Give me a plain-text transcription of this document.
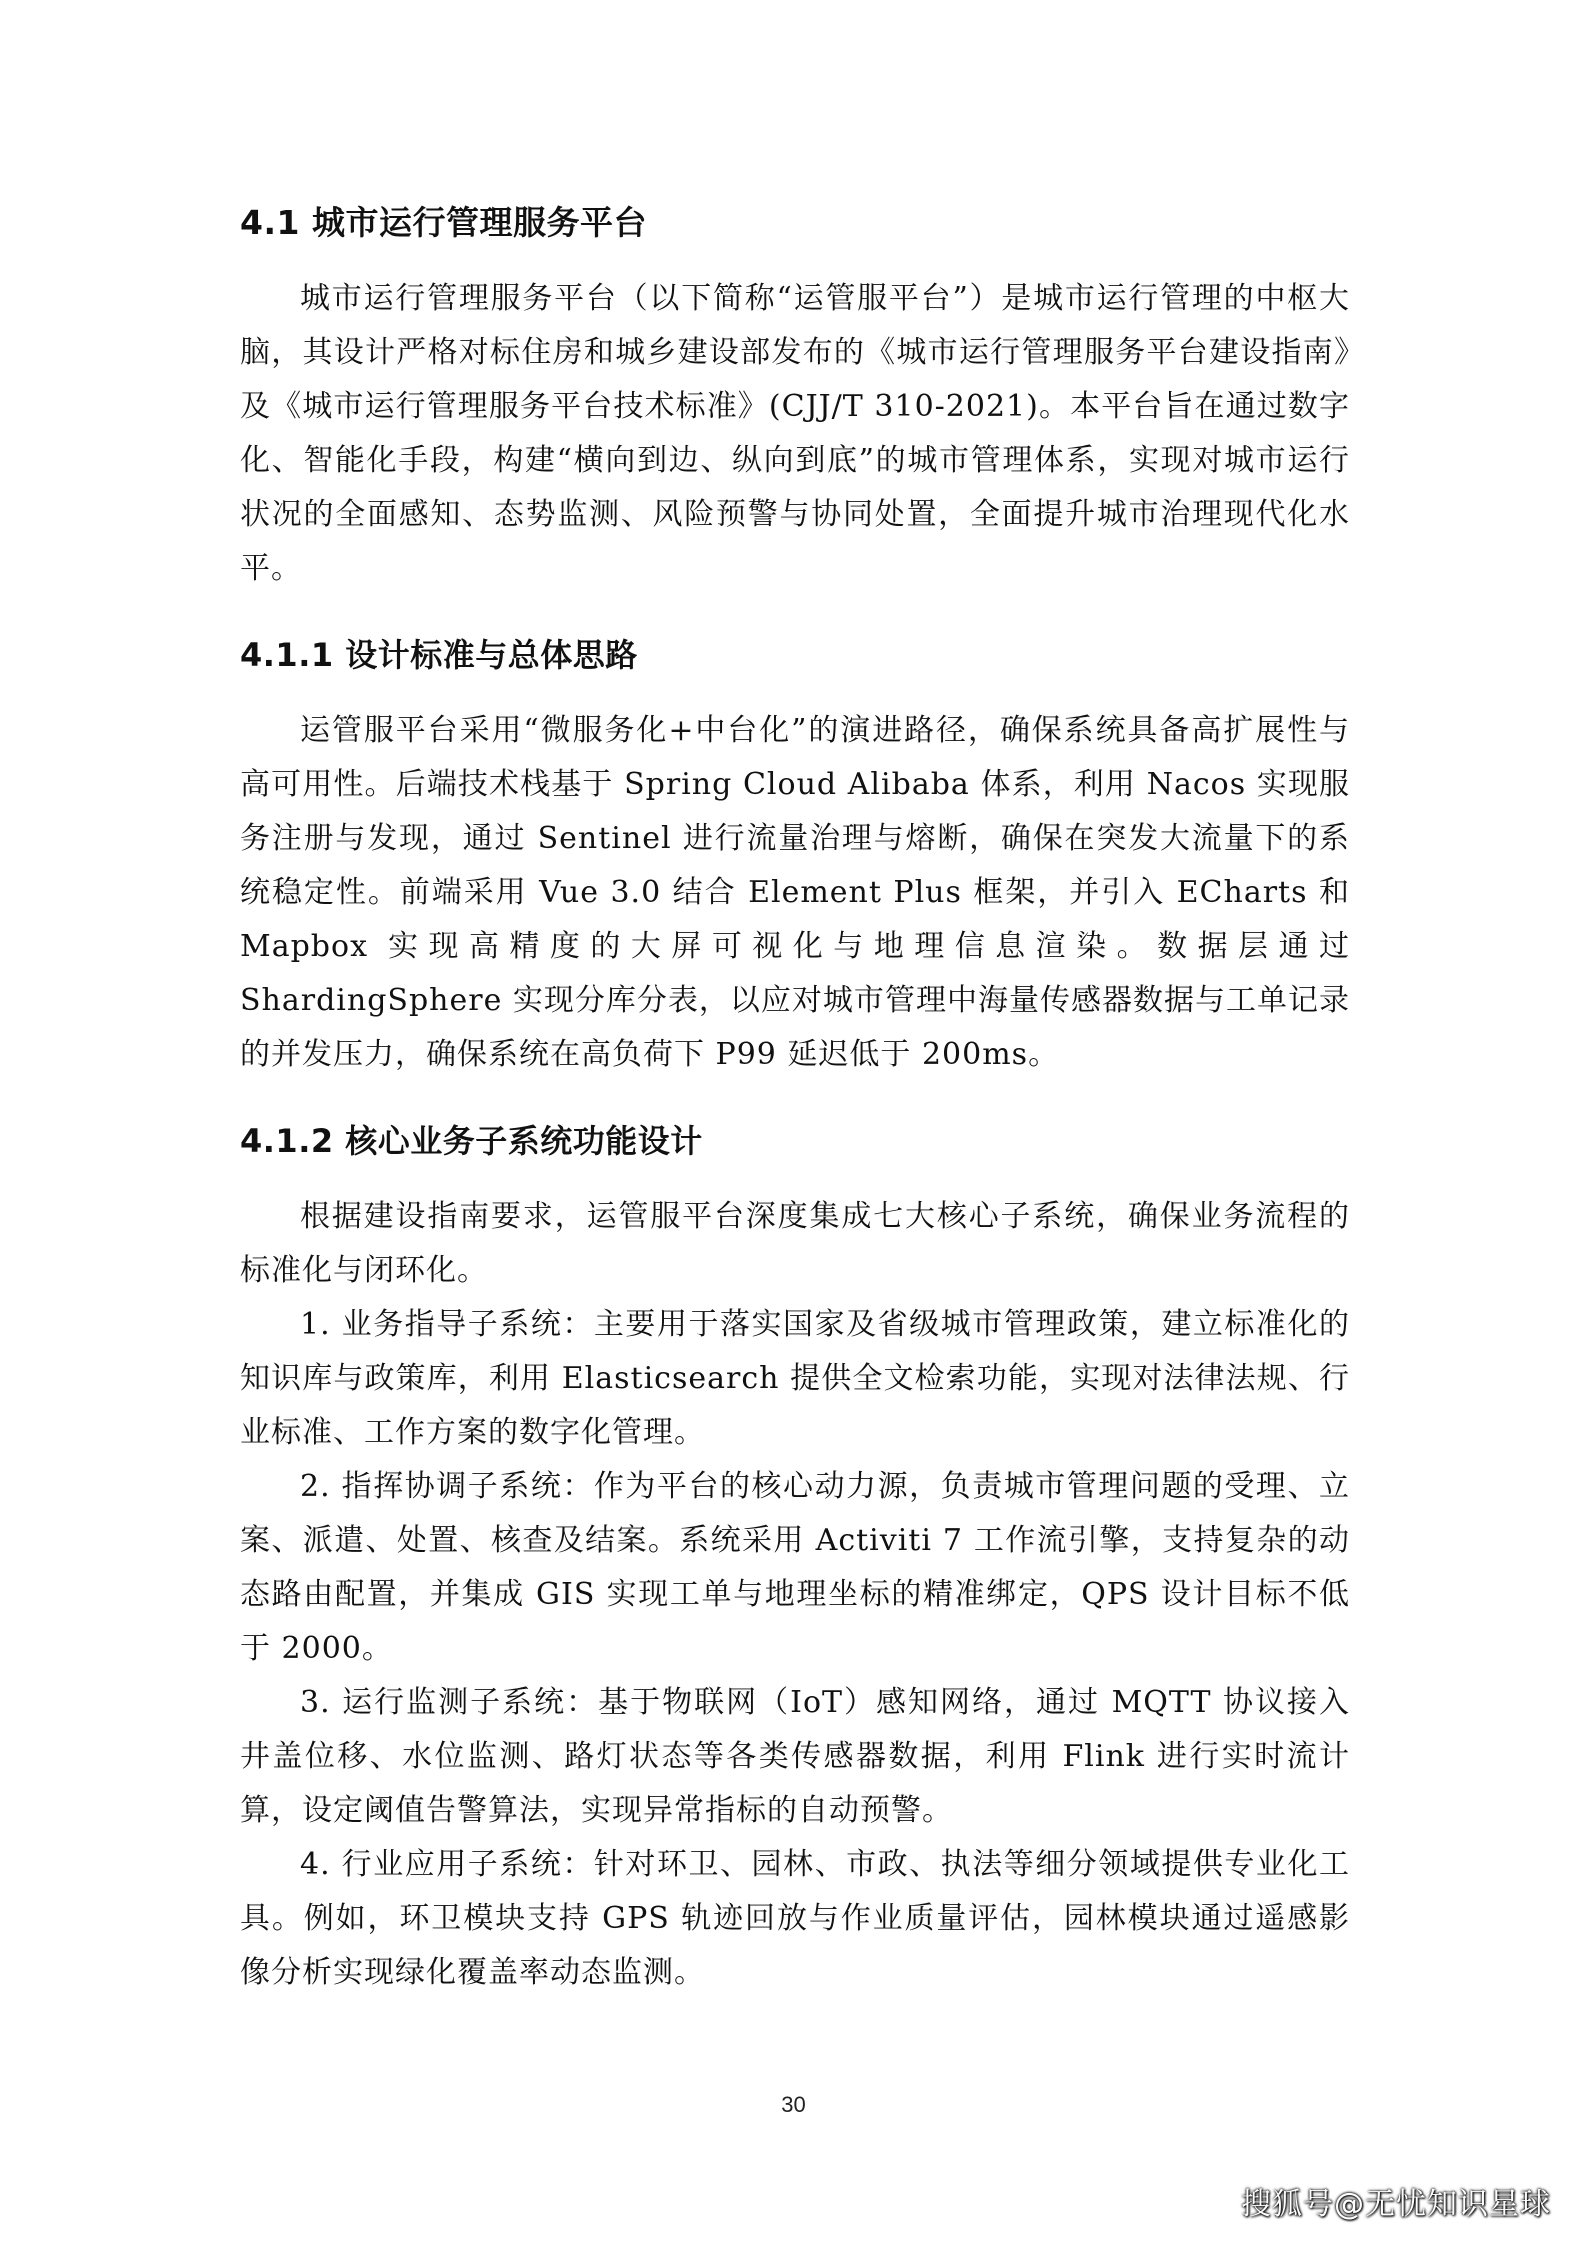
4.1 城市运行管理服务平台

城市运行管理服务平台（以下简称“运管服平台”）是城市运行管理的中枢大脑，其设计严格对标住房和城乡建设部发布的《城市运行管理服务平台建设指南》及《城市运行管理服务平台技术标准》(CJJ/T 310-2021)。本平台旨在通过数字化、智能化手段，构建“横向到边、纵向到底”的城市管理体系，实现对城市运行状况的全面感知、态势监测、风险预警与协同处置，全面提升城市治理现代化水平。

4.1.1 设计标准与总体思路

运管服平台采用“微服务化+中台化”的演进路径，确保系统具备高扩展性与高可用性。后端技术栈基于 Spring Cloud Alibaba 体系，利用 Nacos 实现服务注册与发现，通过 Sentinel 进行流量治理与熔断，确保在突发大流量下的系统稳定性。前端采用 Vue 3.0 结合 Element Plus 框架，并引入 ECharts 和 Mapbox 实现高精度的大屏可视化与地理信息渲染。数据层通过 ShardingSphere 实现分库分表，以应对城市管理中海量传感器数据与工单记录的并发压力，确保系统在高负荷下 P99 延迟低于 200ms。

4.1.2 核心业务子系统功能设计

根据建设指南要求，运管服平台深度集成七大核心子系统，确保业务流程的标准化与闭环化。

1. 业务指导子系统：主要用于落实国家及省级城市管理政策，建立标准化的知识库与政策库，利用 Elasticsearch 提供全文检索功能，实现对法律法规、行业标准、工作方案的数字化管理。

2. 指挥协调子系统：作为平台的核心动力源，负责城市管理问题的受理、立案、派遣、处置、核查及结案。系统采用 Activiti 7 工作流引擎，支持复杂的动态路由配置，并集成 GIS 实现工单与地理坐标的精准绑定，QPS 设计目标不低于 2000。

3. 运行监测子系统：基于物联网（IoT）感知网络，通过 MQTT 协议接入井盖位移、水位监测、路灯状态等各类传感器数据，利用 Flink 进行实时流计算，设定阈值告警算法，实现异常指标的自动预警。

4. 行业应用子系统：针对环卫、园林、市政、执法等细分领域提供专业化工具。例如，环卫模块支持 GPS 轨迹回放与作业质量评估，园林模块通过遥感影像分析实现绿化覆盖率动态监测。

30
搜狐号@无忧知识星球
